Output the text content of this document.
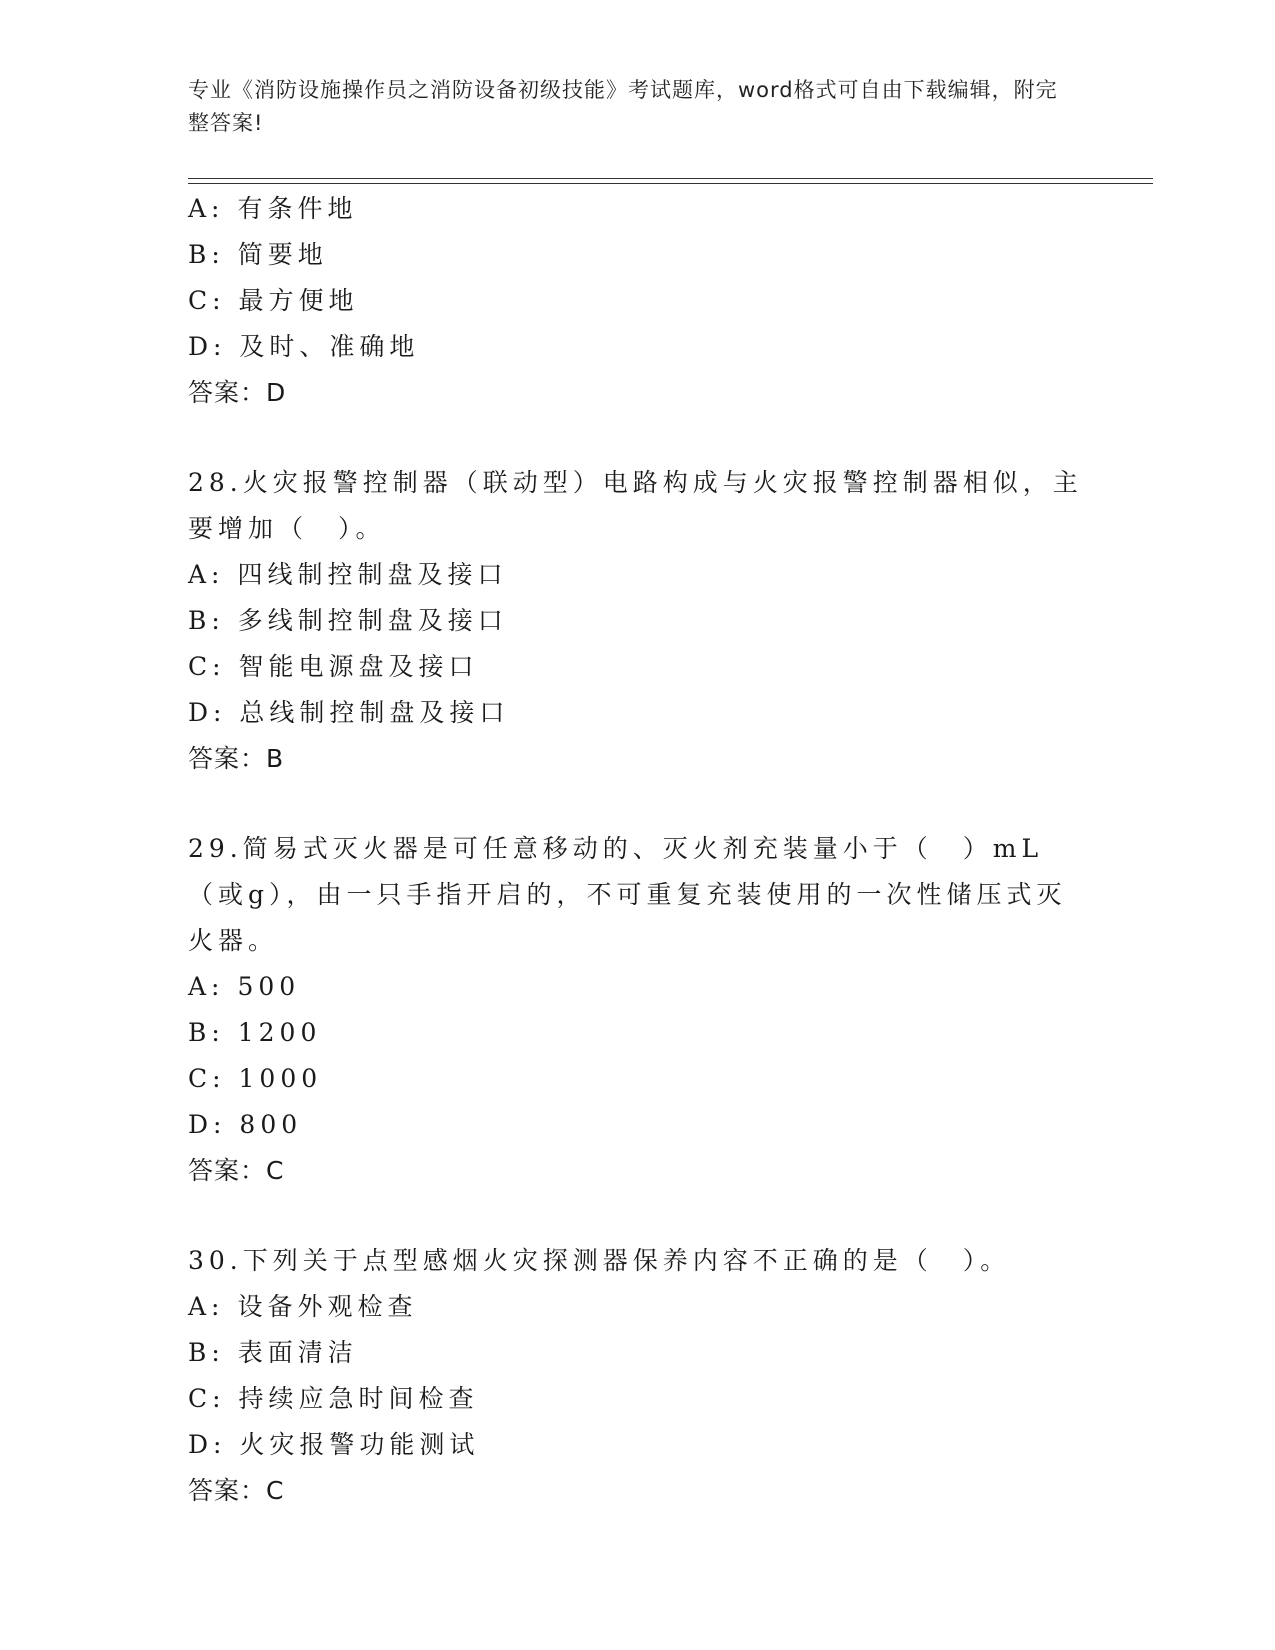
专业《消防设施操作员之消防设备初级技能》考试题库，word格式可自由下载编辑，附完整答案!
A: 有条件地
B: 简要地
C: 最方便地
D: 及时、准确地
答案：D
28.火灾报警控制器（联动型）电路构成与火灾报警控制器相似，主要增加（　）。
A: 四线制控制盘及接口
B: 多线制控制盘及接口
C: 智能电源盘及接口
D: 总线制控制盘及接口
答案：B
29.简易式灭火器是可任意移动的、灭火剂充装量小于（　）mL（或g），由一只手指开启的，不可重复充装使用的一次性储压式灭火器。
A: 500
B: 1200
C: 1000
D: 800
答案：C
30.下列关于点型感烟火灾探测器保养内容不正确的是（　）。
A: 设备外观检查
B: 表面清洁
C: 持续应急时间检查
D: 火灾报警功能测试
答案：C
